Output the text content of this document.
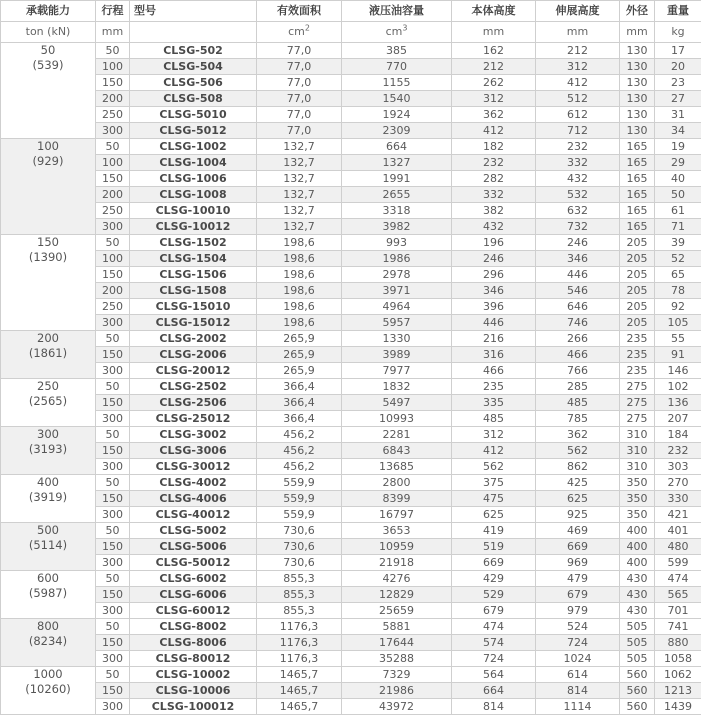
承载能力	行程	型号	有效面积	液压油容量	本体高度	伸展高度	外径	重量
ton (kN)	mm		$cm^2$	$cm^3$	mm	mm	mm	kg

50
(539)	50	CLSG-502	77,0	385	162	212	130	17
	100	CLSG-504	77,0	770	212	312	130	20
	150	CLSG-506	77,0	1155	262	412	130	23
	200	CLSG-508	77,0	1540	312	512	130	27
	250	CLSG-5010	77,0	1924	362	612	130	31
	300	CLSG-5012	77,0	2309	412	712	130	34

100
(929)	50	CLSG-1002	132,7	664	182	232	165	19
	100	CLSG-1004	132,7	1327	232	332	165	29
	150	CLSG-1006	132,7	1991	282	432	165	40
	200	CLSG-1008	132,7	2655	332	532	165	50
	250	CLSG-10010	132,7	3318	382	632	165	61
	300	CLSG-10012	132,7	3982	432	732	165	71

150
(1390)	50	CLSG-1502	198,6	993	196	246	205	39
	100	CLSG-1504	198,6	1986	246	346	205	52
	150	CLSG-1506	198,6	2978	296	446	205	65
	200	CLSG-1508	198,6	3971	346	546	205	78
	250	CLSG-15010	198,6	4964	396	646	205	92
	300	CLSG-15012	198,6	5957	446	746	205	105

200
(1861)	50	CLSG-2002	265,9	1330	216	266	235	55
	150	CLSG-2006	265,9	3989	316	466	235	91
	300	CLSG-20012	265,9	7977	466	766	235	146

250
(2565)	50	CLSG-2502	366,4	1832	235	285	275	102
	150	CLSG-2506	366,4	5497	335	485	275	136
	300	CLSG-25012	366,4	10993	485	785	275	207

300
(3193)	50	CLSG-3002	456,2	2281	312	362	310	184
	150	CLSG-3006	456,2	6843	412	562	310	232
	300	CLSG-30012	456,2	13685	562	862	310	303

400
(3919)	50	CLSG-4002	559,9	2800	375	425	350	270
	150	CLSG-4006	559,9	8399	475	625	350	330
	300	CLSG-40012	559,9	16797	625	925	350	421

500
(5114)	50	CLSG-5002	730,6	3653	419	469	400	401
	150	CLSG-5006	730,6	10959	519	669	400	480
	300	CLSG-50012	730,6	21918	669	969	400	599

600
(5987)	50	CLSG-6002	855,3	4276	429	479	430	474
	150	CLSG-6006	855,3	12829	529	679	430	565
	300	CLSG-60012	855,3	25659	679	979	430	701

800
(8234)	50	CLSG-8002	1176,3	5881	474	524	505	741
	150	CLSG-8006	1176,3	17644	574	724	505	880
	300	CLSG-80012	1176,3	35288	724	1024	505	1058

1000
(10260)	50	CLSG-10002	1465,7	7329	564	614	560	1062
	150	CLSG-10006	1465,7	21986	664	814	560	1213
	300	CLSG-100012	1465,7	43972	814	1114	560	1439
